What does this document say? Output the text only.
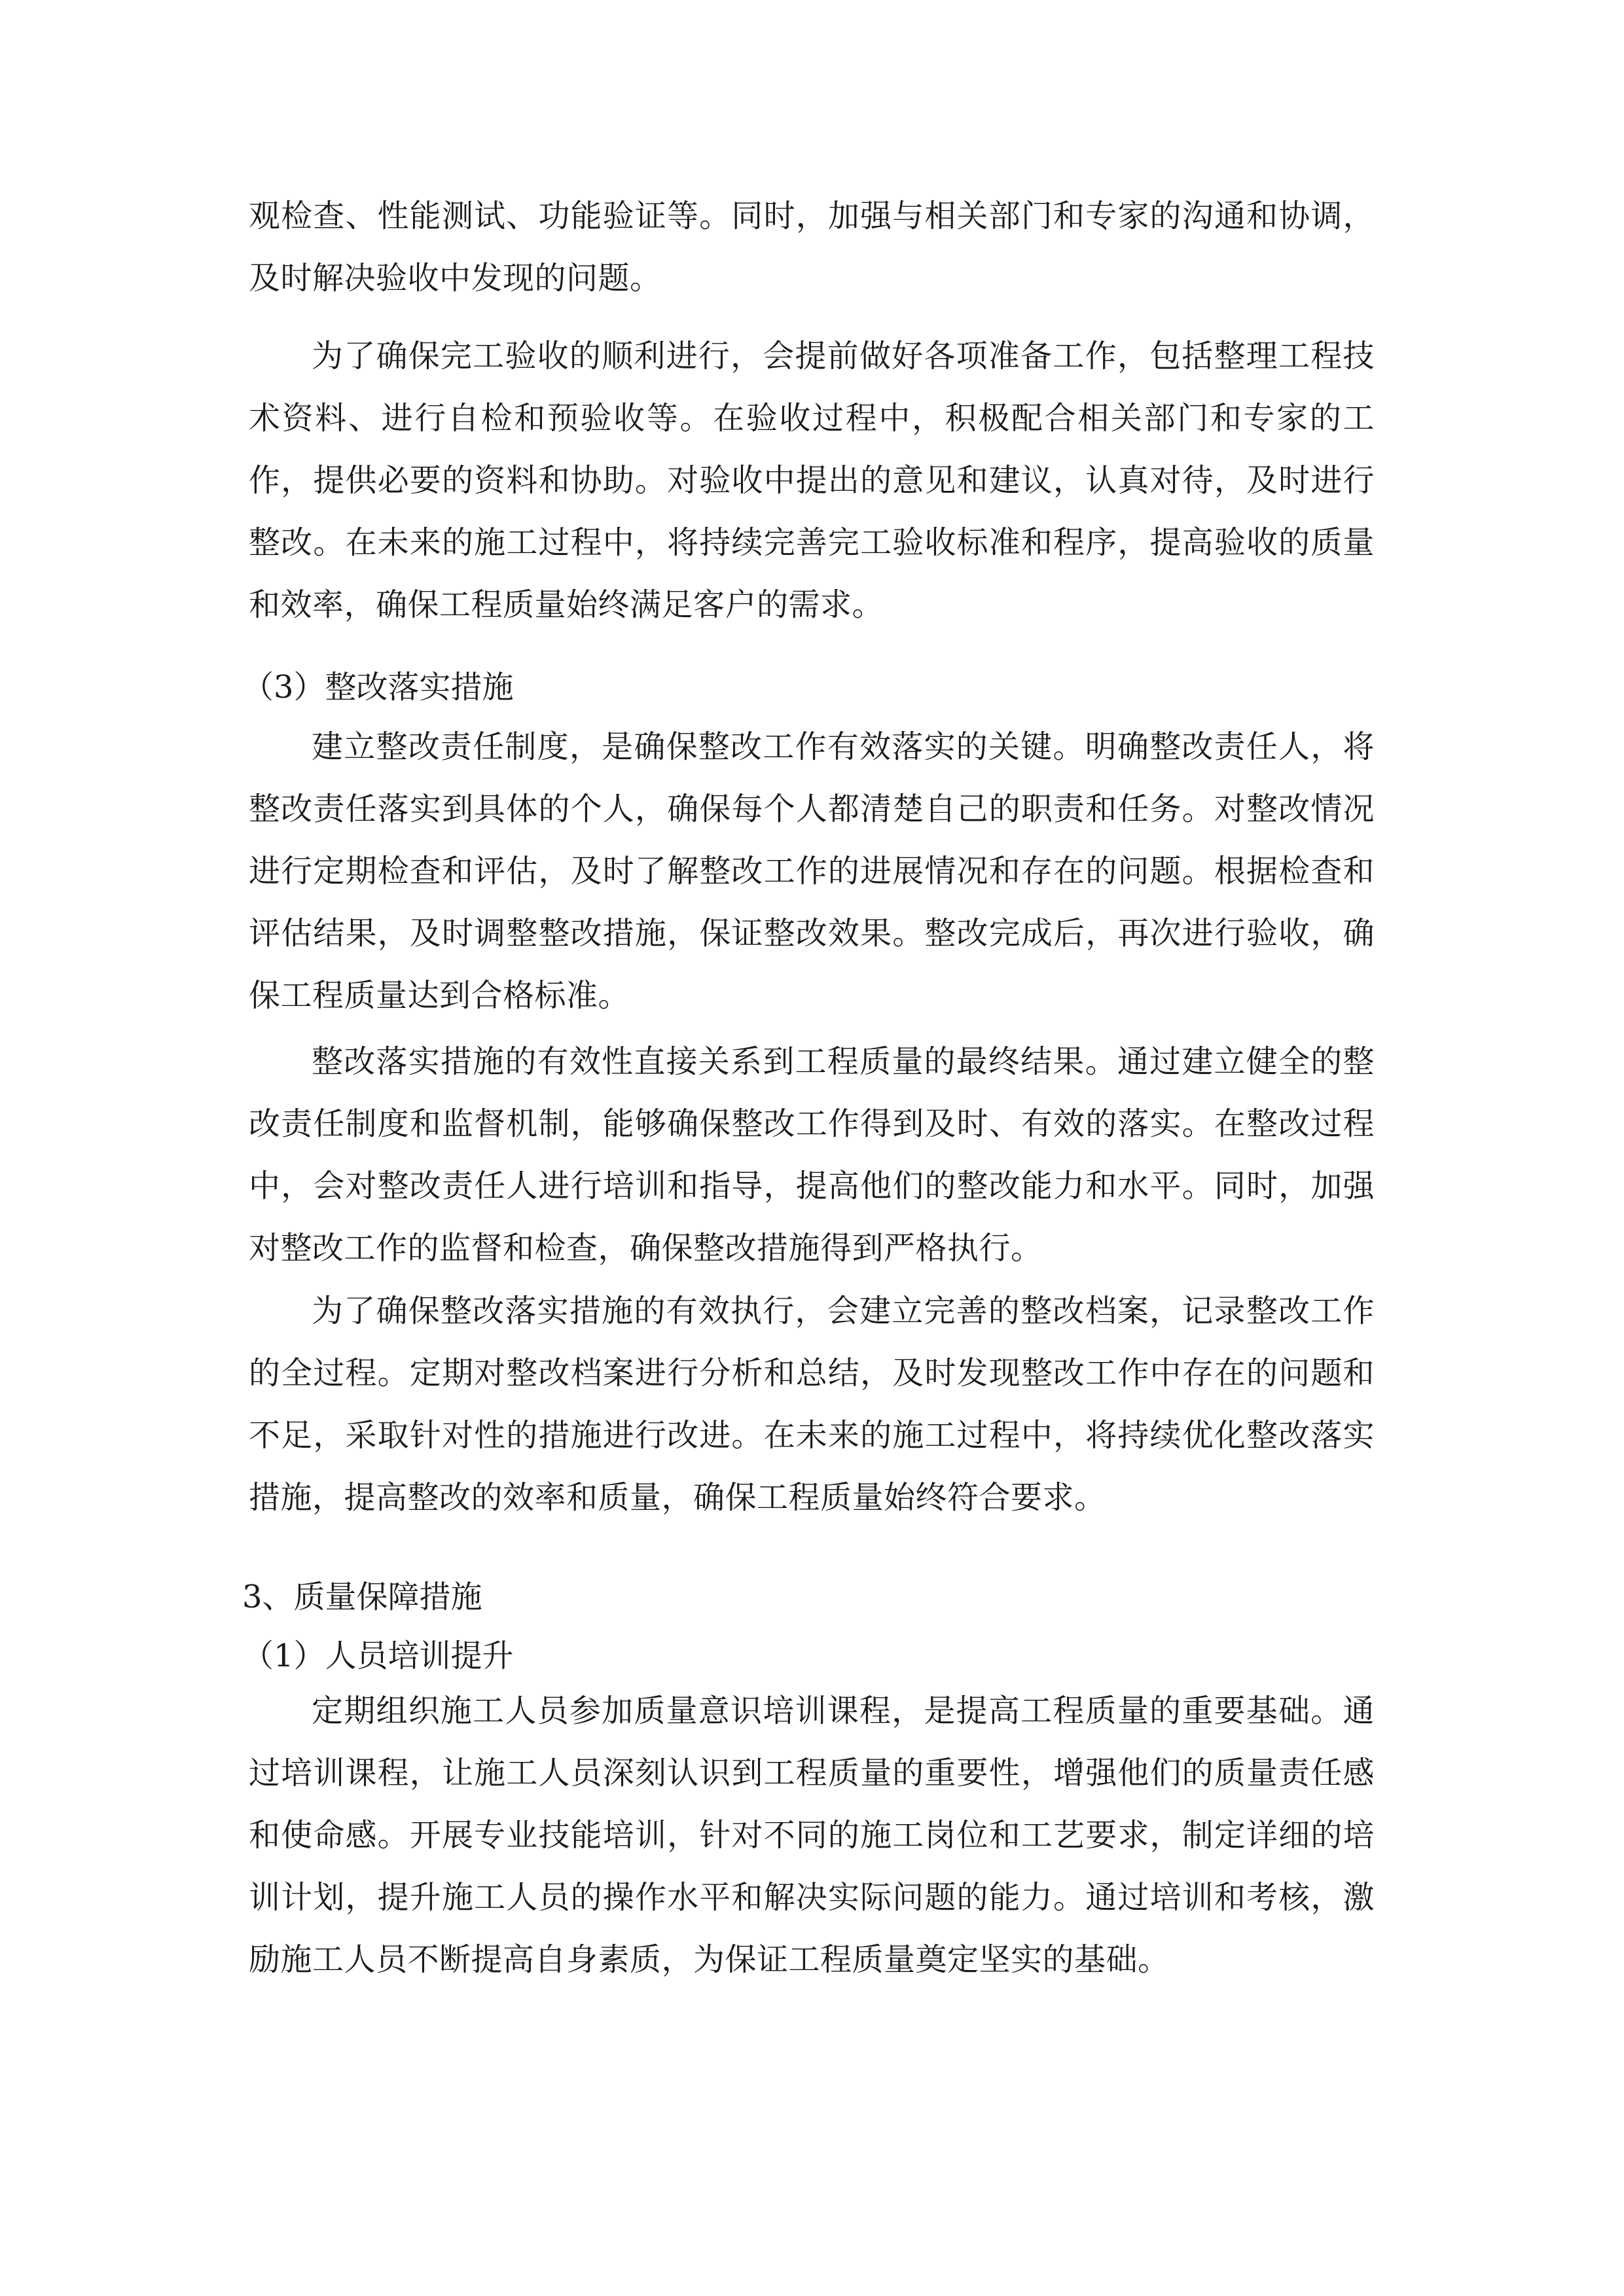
观检查、性能测试、功能验证等。同时，加强与相关部门和专家的沟通和协调，及时解决验收中发现的问题。

为了确保完工验收的顺利进行，会提前做好各项准备工作，包括整理工程技术资料、进行自检和预验收等。在验收过程中，积极配合相关部门和专家的工作，提供必要的资料和协助。对验收中提出的意见和建议，认真对待，及时进行整改。在未来的施工过程中，将持续完善完工验收标准和程序，提高验收的质量和效率，确保工程质量始终满足客户的需求。

（3）整改落实措施

建立整改责任制度，是确保整改工作有效落实的关键。明确整改责任人，将整改责任落实到具体的个人，确保每个人都清楚自己的职责和任务。对整改情况进行定期检查和评估，及时了解整改工作的进展情况和存在的问题。根据检查和评估结果，及时调整整改措施，保证整改效果。整改完成后，再次进行验收，确保工程质量达到合格标准。

整改落实措施的有效性直接关系到工程质量的最终结果。通过建立健全的整改责任制度和监督机制，能够确保整改工作得到及时、有效的落实。在整改过程中，会对整改责任人进行培训和指导，提高他们的整改能力和水平。同时，加强对整改工作的监督和检查，确保整改措施得到严格执行。

为了确保整改落实措施的有效执行，会建立完善的整改档案，记录整改工作的全过程。定期对整改档案进行分析和总结，及时发现整改工作中存在的问题和不足，采取针对性的措施进行改进。在未来的施工过程中，将持续优化整改落实措施，提高整改的效率和质量，确保工程质量始终符合要求。

3、质量保障措施

（1）人员培训提升

定期组织施工人员参加质量意识培训课程，是提高工程质量的重要基础。通过培训课程，让施工人员深刻认识到工程质量的重要性，增强他们的质量责任感和使命感。开展专业技能培训，针对不同的施工岗位和工艺要求，制定详细的培训计划，提升施工人员的操作水平和解决实际问题的能力。通过培训和考核，激励施工人员不断提高自身素质，为保证工程质量奠定坚实的基础。
